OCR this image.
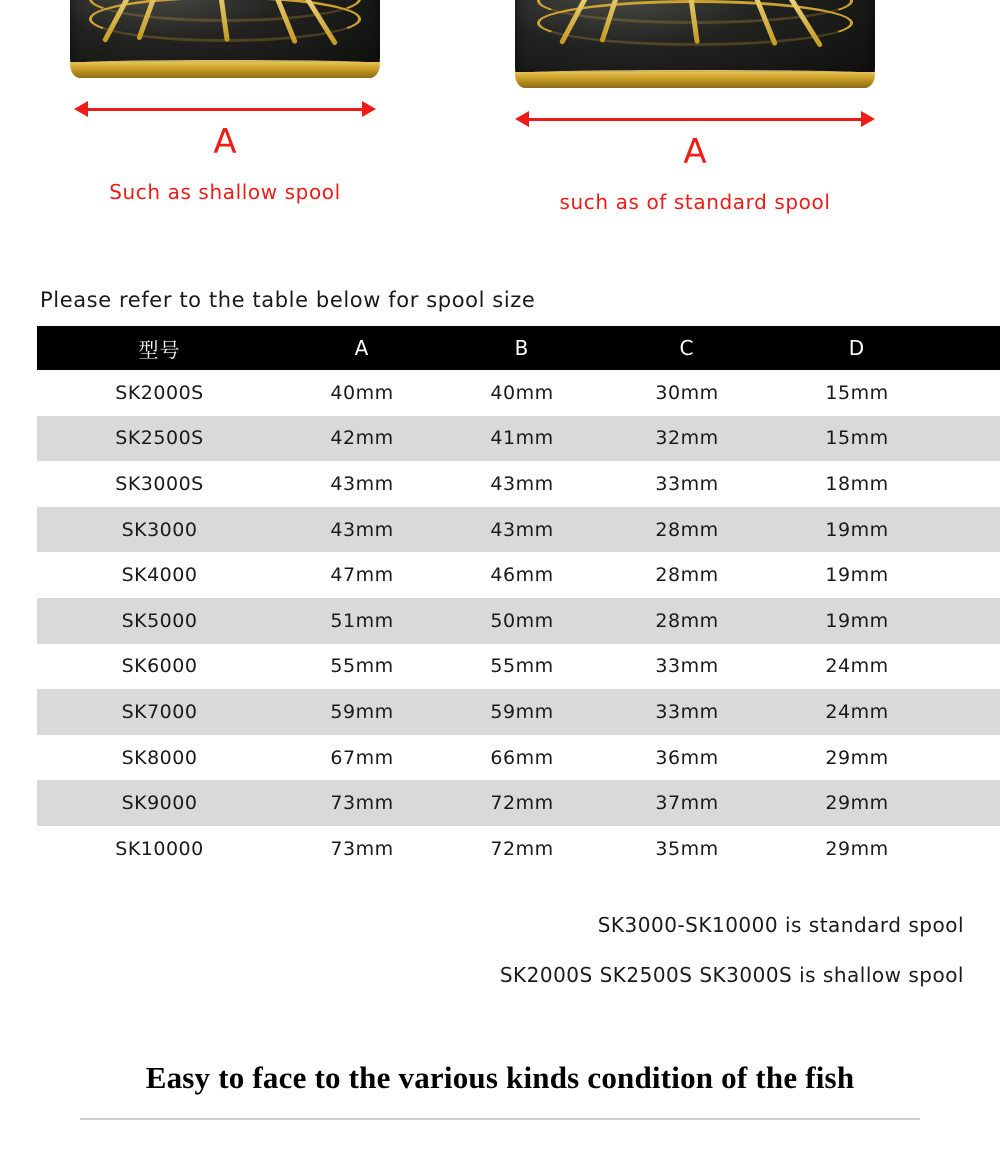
A
Such as shallow spool
A
such as of standard spool
Please refer to the table below for spool size
型号	A	B	C	D	
SK2000S	40mm	40mm	30mm	15mm	
SK2500S	42mm	41mm	32mm	15mm	
SK3000S	43mm	43mm	33mm	18mm	
SK3000	43mm	43mm	28mm	19mm	
SK4000	47mm	46mm	28mm	19mm	
SK5000	51mm	50mm	28mm	19mm	
SK6000	55mm	55mm	33mm	24mm	
SK7000	59mm	59mm	33mm	24mm	
SK8000	67mm	66mm	36mm	29mm	
SK9000	73mm	72mm	37mm	29mm	
SK10000	73mm	72mm	35mm	29mm	
SK3000-SK10000 is standard spool
SK2000S SK2500S SK3000S is shallow spool
Easy to face to the various kinds condition of the fish
